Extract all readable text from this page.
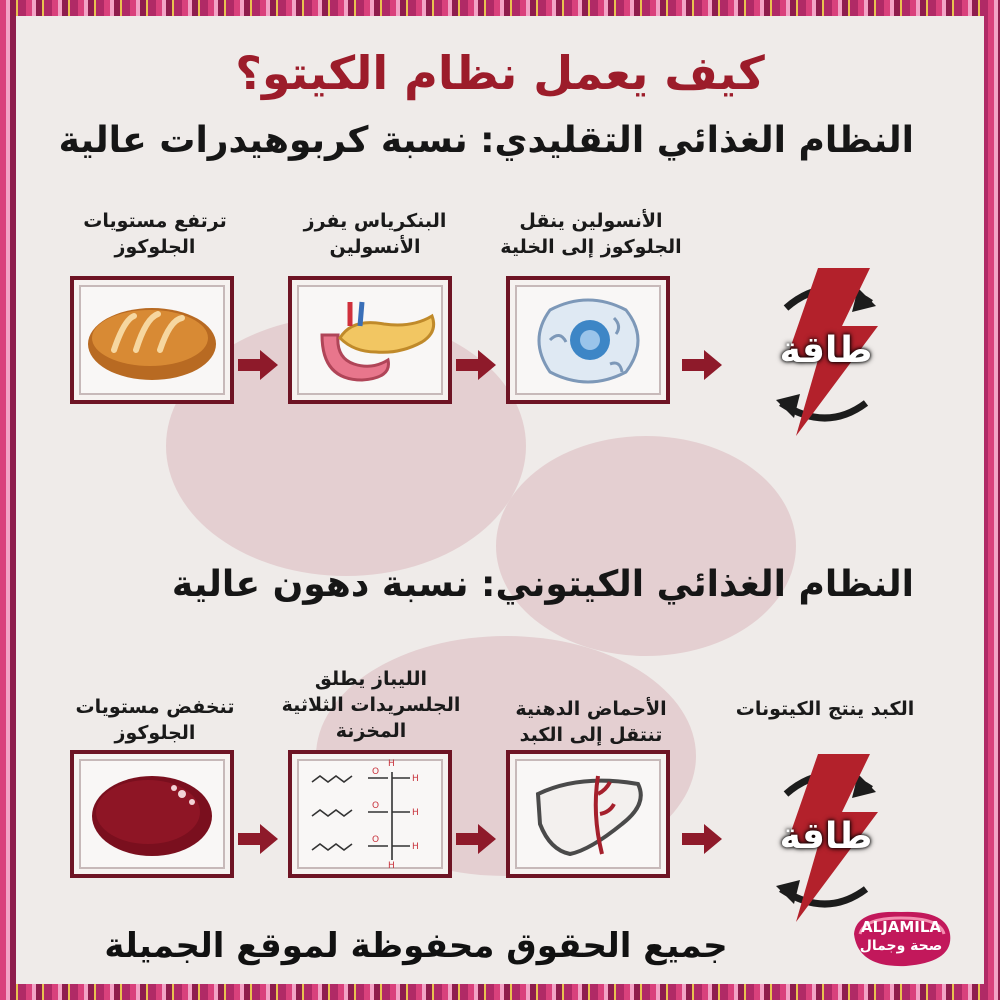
كيف يعمل نظام الكيتو؟
النظام الغذائي التقليدي: نسبة كربوهيدرات عالية
النظام الغذائي الكيتوني: نسبة دهون عالية
ترتفع مستويات الجلوكوز
البنكرياس يفرز الأنسولين
الأنسولين ينقل الجلوكوز إلى الخلية
طاقة
تنخفض مستويات الجلوكوز
الليباز يطلق الجلسريدات الثلاثية المخزنة
الأحماض الدهنية تنتقل إلى الكبد
الكبد ينتج الكيتونات
O
O
O
H
H
H
H
H
طاقة
جميع الحقوق محفوظة لموقع الجميلة	ALJAMILA
صحة وجمال
